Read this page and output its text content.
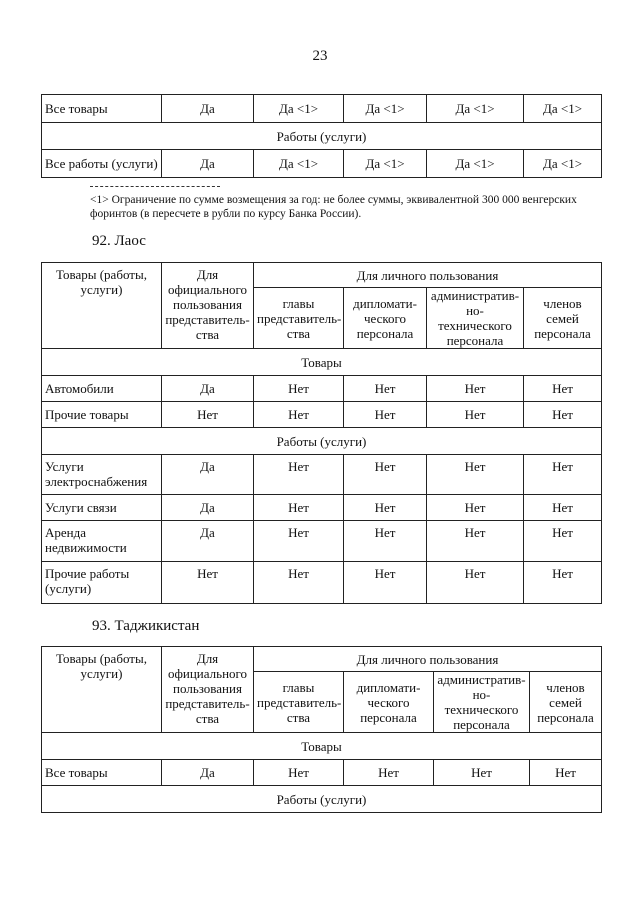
23
Все товары	Да	Да <1>	Да <1>	Да <1>	Да <1>
Работы (услуги)					
Все работы (услуги)	Да	Да <1>	Да <1>	Да <1>	Да <1>
<1> Ограничение по сумме возмещения за год: не более суммы, эквивалентной 300 000 венгерских форинтов (в пересчете в рубли по курсу Банка России).
92. Лаос
Товары (работы, услуги)	Для официального пользования представитель-ства	Для личного пользования			
		главы представитель-ства	дипломати-ческого персонала	административ-но-технического персонала	членов семей персонала
Товары					
Автомобили	Да	Нет	Нет	Нет	Нет
Прочие товары	Нет	Нет	Нет	Нет	Нет
Работы (услуги)					
Услуги электроснабжения	Да	Нет	Нет	Нет	Нет
Услуги связи	Да	Нет	Нет	Нет	Нет
Аренда недвижимости	Да	Нет	Нет	Нет	Нет
Прочие работы (услуги)	Нет	Нет	Нет	Нет	Нет
93. Таджикистан
Товары (работы, услуги)	Для официального пользования представитель-ства	Для личного пользования			
		главы представитель-ства	дипломати-ческого персонала	административ-но-технического персонала	членов семей персонала
Товары					
Все товары	Да	Нет	Нет	Нет	Нет
Работы (услуги)					
